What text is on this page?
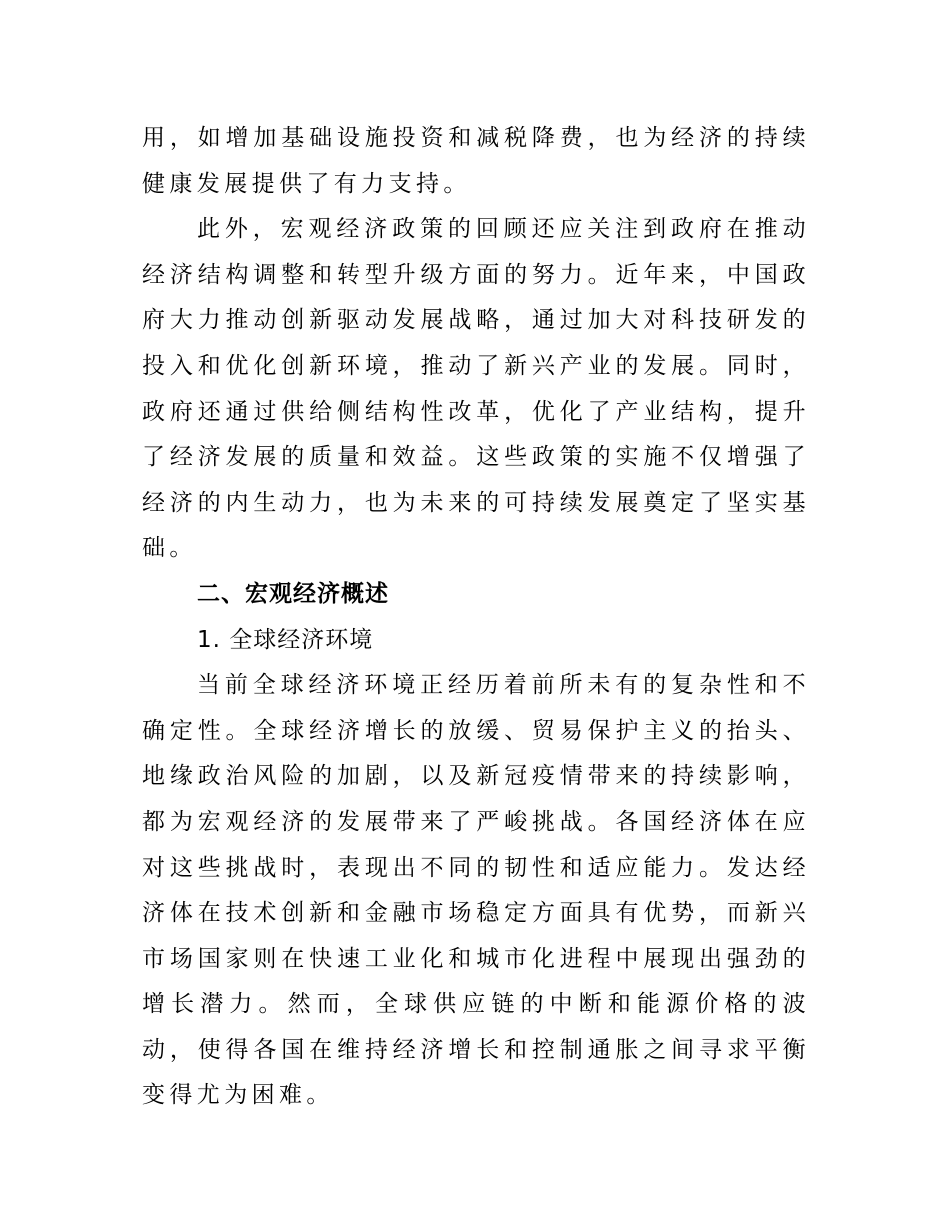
用，如增加基础设施投资和减税降费，也为经济的持续健康发展提供了有力支持。

此外，宏观经济政策的回顾还应关注到政府在推动经济结构调整和转型升级方面的努力。近年来，中国政府大力推动创新驱动发展战略，通过加大对科技研发的投入和优化创新环境，推动了新兴产业的发展。同时，政府还通过供给侧结构性改革，优化了产业结构，提升了经济发展的质量和效益。这些政策的实施不仅增强了经济的内生动力，也为未来的可持续发展奠定了坚实基础。

二、宏观经济概述

1. 全球经济环境

当前全球经济环境正经历着前所未有的复杂性和不确定性。全球经济增长的放缓、贸易保护主义的抬头、地缘政治风险的加剧，以及新冠疫情带来的持续影响，都为宏观经济的发展带来了严峻挑战。各国经济体在应对这些挑战时，表现出不同的韧性和适应能力。发达经济体在技术创新和金融市场稳定方面具有优势，而新兴市场国家则在快速工业化和城市化进程中展现出强劲的增长潜力。然而，全球供应链的中断和能源价格的波动，使得各国在维持经济增长和控制通胀之间寻求平衡变得尤为困难。
